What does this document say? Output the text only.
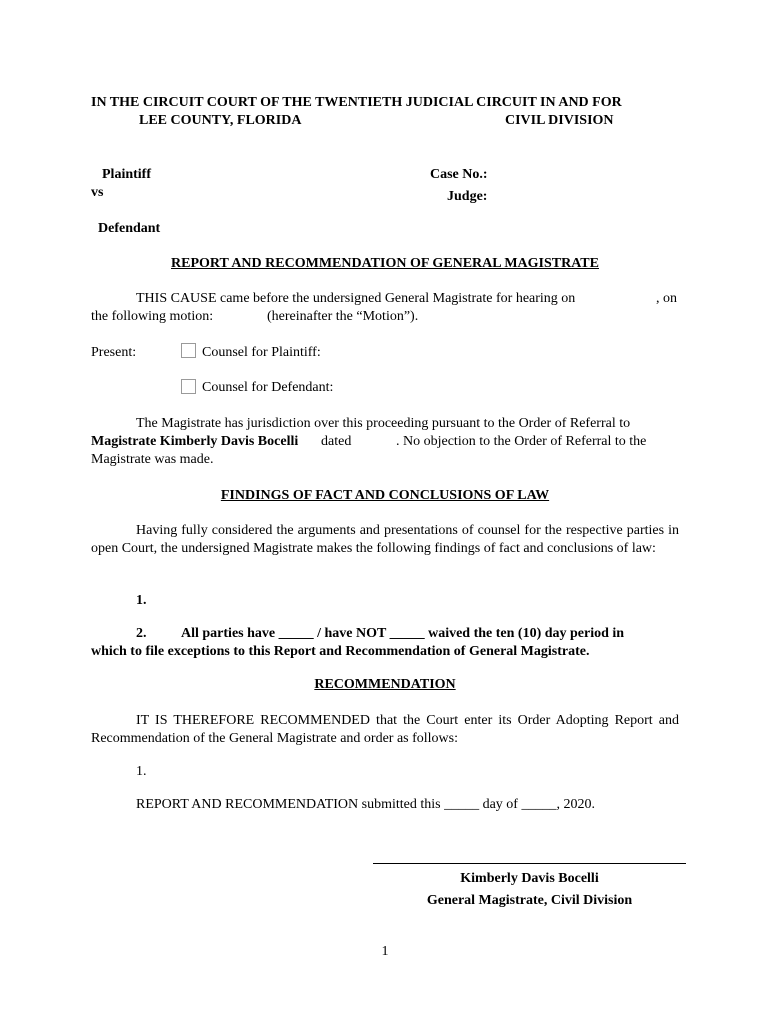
IN THE CIRCUIT COURT OF THE TWENTIETH JUDICIAL CIRCUIT IN AND FOR
LEE COUNTY, FLORIDA	CIVIL DIVISION
Plaintiff
vs
Defendant
Case No.:
Judge:
REPORT AND RECOMMENDATION OF GENERAL MAGISTRATE
THIS CAUSE came before the undersigned General Magistrate for hearing on	, on
the following motion:	(hereinafter the “Motion”).
Present:	Counsel for Plaintiff:
Counsel for Defendant:
The Magistrate has jurisdiction over this proceeding pursuant to the Order of Referral to
Magistrate Kimberly Davis Bocelli dated	. No objection to the Order of Referral to the
Magistrate was made.
FINDINGS OF FACT AND CONCLUSIONS OF LAW
Having fully considered the arguments and presentations of counsel for the respective parties in open Court, the undersigned Magistrate makes the following findings of fact and conclusions of law:
1.
2. All parties have _____ / have NOT _____ waived the ten (10) day period in
which to file exceptions to this Report and Recommendation of General Magistrate.
RECOMMENDATION
IT IS THEREFORE RECOMMENDED that the Court enter its Order Adopting Report and Recommendation of the General Magistrate and order as follows:
1.
REPORT AND RECOMMENDATION submitted this _____ day of _____, 2020.
Kimberly Davis Bocelli
General Magistrate, Civil Division
1
